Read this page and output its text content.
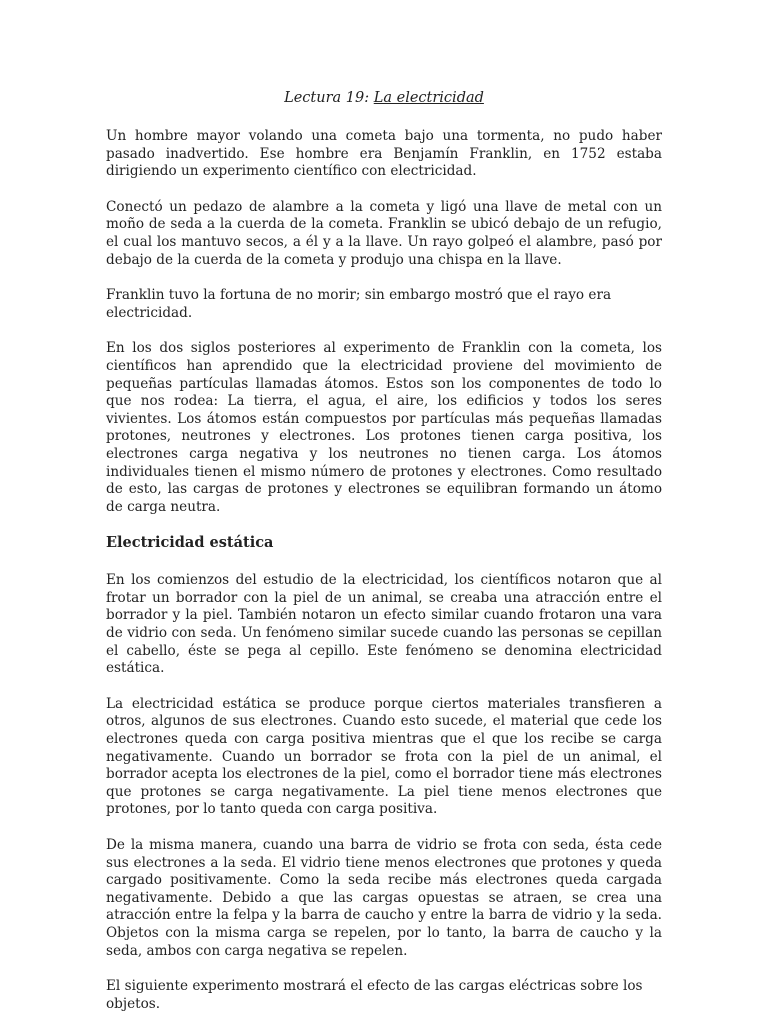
Lectura 19: La electricidad

Un hombre mayor volando una cometa bajo una tormenta, no pudo haber pasado inadvertido. Ese hombre era Benjamín Franklin, en 1752 estaba dirigiendo un experimento científico con electricidad.

Conectó un pedazo de alambre a la cometa y ligó una llave de metal con un moño de seda a la cuerda de la cometa. Franklin se ubicó debajo de un refugio, el cual los mantuvo secos, a él y a la llave. Un rayo golpeó el alambre, pasó por debajo de la cuerda de la cometa y produjo una chispa en la llave.

Franklin tuvo la fortuna de no morir; sin embargo mostró que el rayo era electricidad.

En los dos siglos posteriores al experimento de Franklin con la cometa, los científicos han aprendido que la electricidad proviene del movimiento de pequeñas partículas llamadas átomos. Estos son los componentes de todo lo que nos rodea: La tierra, el agua, el aire, los edificios y todos los seres vivientes. Los átomos están compuestos por partículas más pequeñas llamadas protones, neutrones y electrones. Los protones tienen carga positiva, los electrones carga negativa y los neutrones no tienen carga. Los átomos individuales tienen el mismo número de protones y electrones. Como resultado de esto, las cargas de protones y electrones se equilibran formando un átomo de carga neutra.

Electricidad estática

En los comienzos del estudio de la electricidad, los científicos notaron que al frotar un borrador con la piel de un animal, se creaba una atracción entre el borrador y la piel. También notaron un efecto similar cuando frotaron una vara de vidrio con seda. Un fenómeno similar sucede cuando las personas se cepillan el cabello, éste se pega al cepillo. Este fenómeno se denomina electricidad estática.

La electricidad estática se produce porque ciertos materiales transfieren a otros, algunos de sus electrones. Cuando esto sucede, el material que cede los electrones queda con carga positiva mientras que el que los recibe se carga negativamente. Cuando un borrador se frota con la piel de un animal, el borrador acepta los electrones de la piel, como el borrador tiene más electrones que protones se carga negativamente. La piel tiene menos electrones que protones, por lo tanto queda con carga positiva.

De la misma manera, cuando una barra de vidrio se frota con seda, ésta cede sus electrones a la seda. El vidrio tiene menos electrones que protones y queda cargado positivamente. Como la seda recibe más electrones queda cargada negativamente. Debido a que las cargas opuestas se atraen, se crea una atracción entre la felpa y la barra de caucho y entre la barra de vidrio y la seda. Objetos con la misma carga se repelen, por lo tanto, la barra de caucho y la seda, ambos con carga negativa se repelen.

El siguiente experimento mostrará el efecto de las cargas eléctricas sobre los objetos.
